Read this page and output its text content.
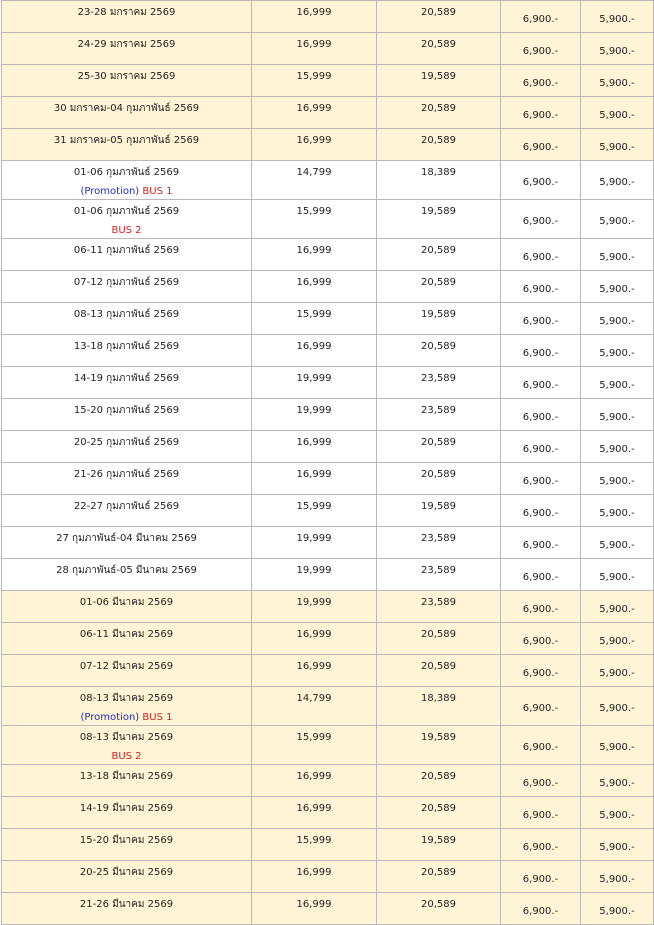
23-28 มกราคม 2569	16,999	20,589	6,900.-	5,900.-
24-29 มกราคม 2569	16,999	20,589	6,900.-	5,900.-
25-30 มกราคม 2569	15,999	19,589	6,900.-	5,900.-
30 มกราคม-04 กุมภาพันธ์ 2569	16,999	20,589	6,900.-	5,900.-
31 มกราคม-05 กุมภาพันธ์ 2569	16,999	20,589	6,900.-	5,900.-
01-06 กุมภาพันธ์ 2569
(Promotion) BUS 1	14,799	18,389	6,900.-	5,900.-
01-06 กุมภาพันธ์ 2569
BUS 2	15,999	19,589	6,900.-	5,900.-
06-11 กุมภาพันธ์ 2569	16,999	20,589	6,900.-	5,900.-
07-12 กุมภาพันธ์ 2569	16,999	20,589	6,900.-	5,900.-
08-13 กุมภาพันธ์ 2569	15,999	19,589	6,900.-	5,900.-
13-18 กุมภาพันธ์ 2569	16,999	20,589	6,900.-	5,900.-
14-19 กุมภาพันธ์ 2569	19,999	23,589	6,900.-	5,900.-
15-20 กุมภาพันธ์ 2569	19,999	23,589	6,900.-	5,900.-
20-25 กุมภาพันธ์ 2569	16,999	20,589	6,900.-	5,900.-
21-26 กุมภาพันธ์ 2569	16,999	20,589	6,900.-	5,900.-
22-27 กุมภาพันธ์ 2569	15,999	19,589	6,900.-	5,900.-
27 กุมภาพันธ์-04 มีนาคม 2569	19,999	23,589	6,900.-	5,900.-
28 กุมภาพันธ์-05 มีนาคม 2569	19,999	23,589	6,900.-	5,900.-
01-06 มีนาคม 2569	19,999	23,589	6,900.-	5,900.-
06-11 มีนาคม 2569	16,999	20,589	6,900.-	5,900.-
07-12 มีนาคม 2569	16,999	20,589	6,900.-	5,900.-
08-13 มีนาคม 2569
(Promotion) BUS 1	14,799	18,389	6,900.-	5,900.-
08-13 มีนาคม 2569
BUS 2	15,999	19,589	6,900.-	5,900.-
13-18 มีนาคม 2569	16,999	20,589	6,900.-	5,900.-
14-19 มีนาคม 2569	16,999	20,589	6,900.-	5,900.-
15-20 มีนาคม 2569	15,999	19,589	6,900.-	5,900.-
20-25 มีนาคม 2569	16,999	20,589	6,900.-	5,900.-
21-26 มีนาคม 2569	16,999	20,589	6,900.-	5,900.-
